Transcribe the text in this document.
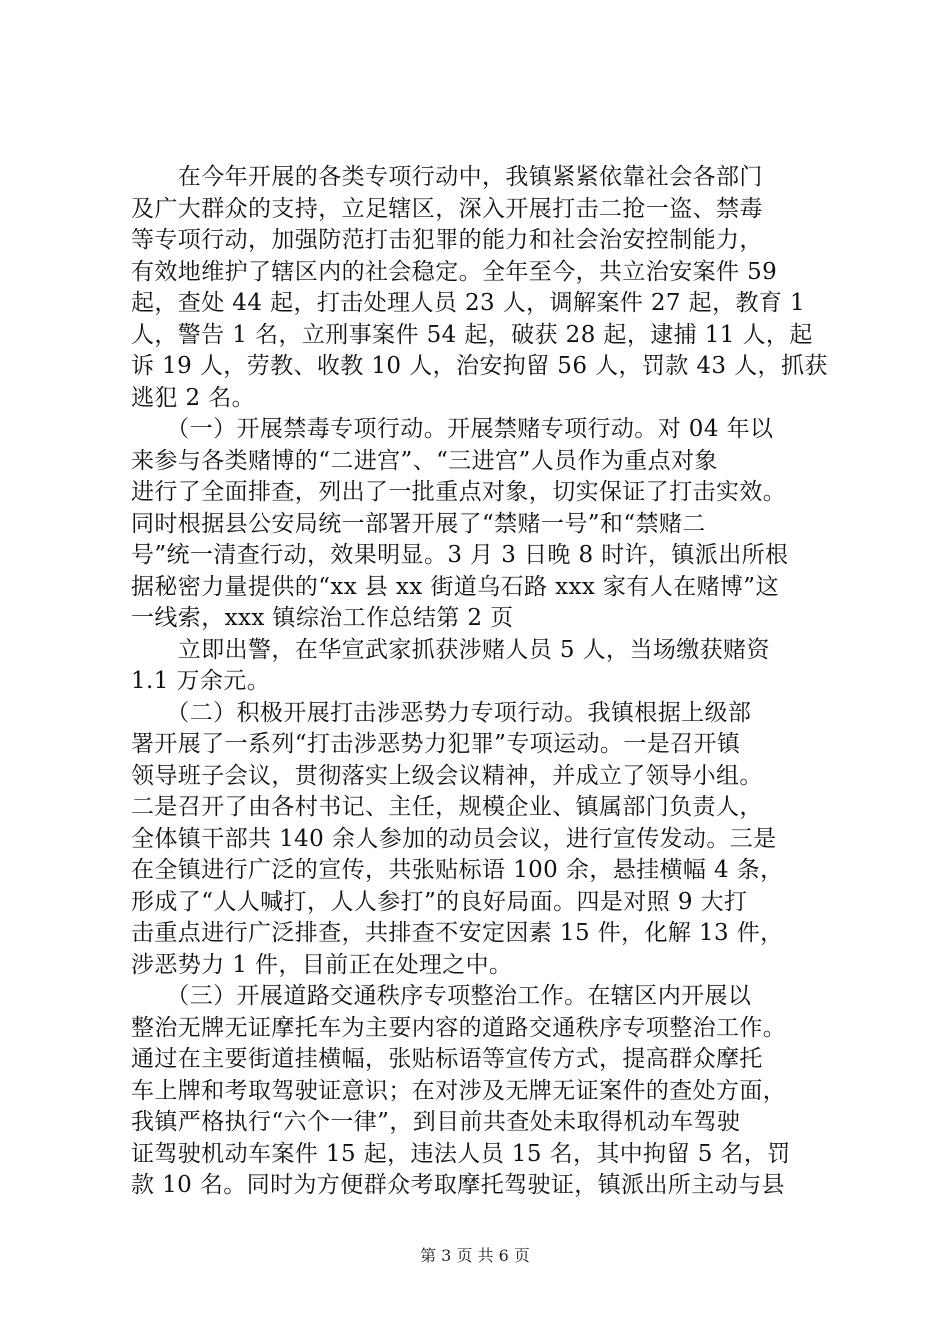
　　在今年开展的各类专项行动中，我镇紧紧依靠社会各部门
及广大群众的支持，立足辖区，深入开展打击二抢一盗、禁毒
等专项行动，加强防范打击犯罪的能力和社会治安控制能力，
有效地维护了辖区内的社会稳定。全年至今，共立治安案件 59
起，查处 44 起，打击处理人员 23 人，调解案件 27 起，教育 1
人，警告 1 名，立刑事案件 54 起，破获 28 起，逮捕 11 人，起
诉 19 人，劳教、收教 10 人，治安拘留 56 人，罚款 43 人，抓获
逃犯 2 名。
　　（一）开展禁毒专项行动。开展禁赌专项行动。对 04 年以
来参与各类赌博的“二进宫”、“三进宫”人员作为重点对象
进行了全面排查，列出了一批重点对象，切实保证了打击实效。
同时根据县公安局统一部署开展了“禁赌一号”和“禁赌二
号”统一清查行动，效果明显。3 月 3 日晚 8 时许，镇派出所根
据秘密力量提供的“xx 县 xx 街道乌石路 xxx 家有人在赌博”这
一线索，xxx 镇综治工作总结第 2 页
　　立即出警，在华宣武家抓获涉赌人员 5 人，当场缴获赌资
1.1 万余元。
　　（二）积极开展打击涉恶势力专项行动。我镇根据上级部
署开展了一系列“打击涉恶势力犯罪”专项运动。一是召开镇
领导班子会议，贯彻落实上级会议精神，并成立了领导小组。
二是召开了由各村书记、主任，规模企业、镇属部门负责人，
全体镇干部共 140 余人参加的动员会议，进行宣传发动。三是
在全镇进行广泛的宣传，共张贴标语 100 余，悬挂横幅 4 条，
形成了“人人喊打，人人参打”的良好局面。四是对照 9 大打
击重点进行广泛排查，共排查不安定因素 15 件，化解 13 件，
涉恶势力 1 件，目前正在处理之中。
　　（三）开展道路交通秩序专项整治工作。在辖区内开展以
整治无牌无证摩托车为主要内容的道路交通秩序专项整治工作。
通过在主要街道挂横幅，张贴标语等宣传方式，提高群众摩托
车上牌和考取驾驶证意识；在对涉及无牌无证案件的查处方面，
我镇严格执行“六个一律”，到目前共查处未取得机动车驾驶
证驾驶机动车案件 15 起，违法人员 15 名，其中拘留 5 名，罚
款 10 名。同时为方便群众考取摩托驾驶证，镇派出所主动与县
第 3 页 共 6 页
